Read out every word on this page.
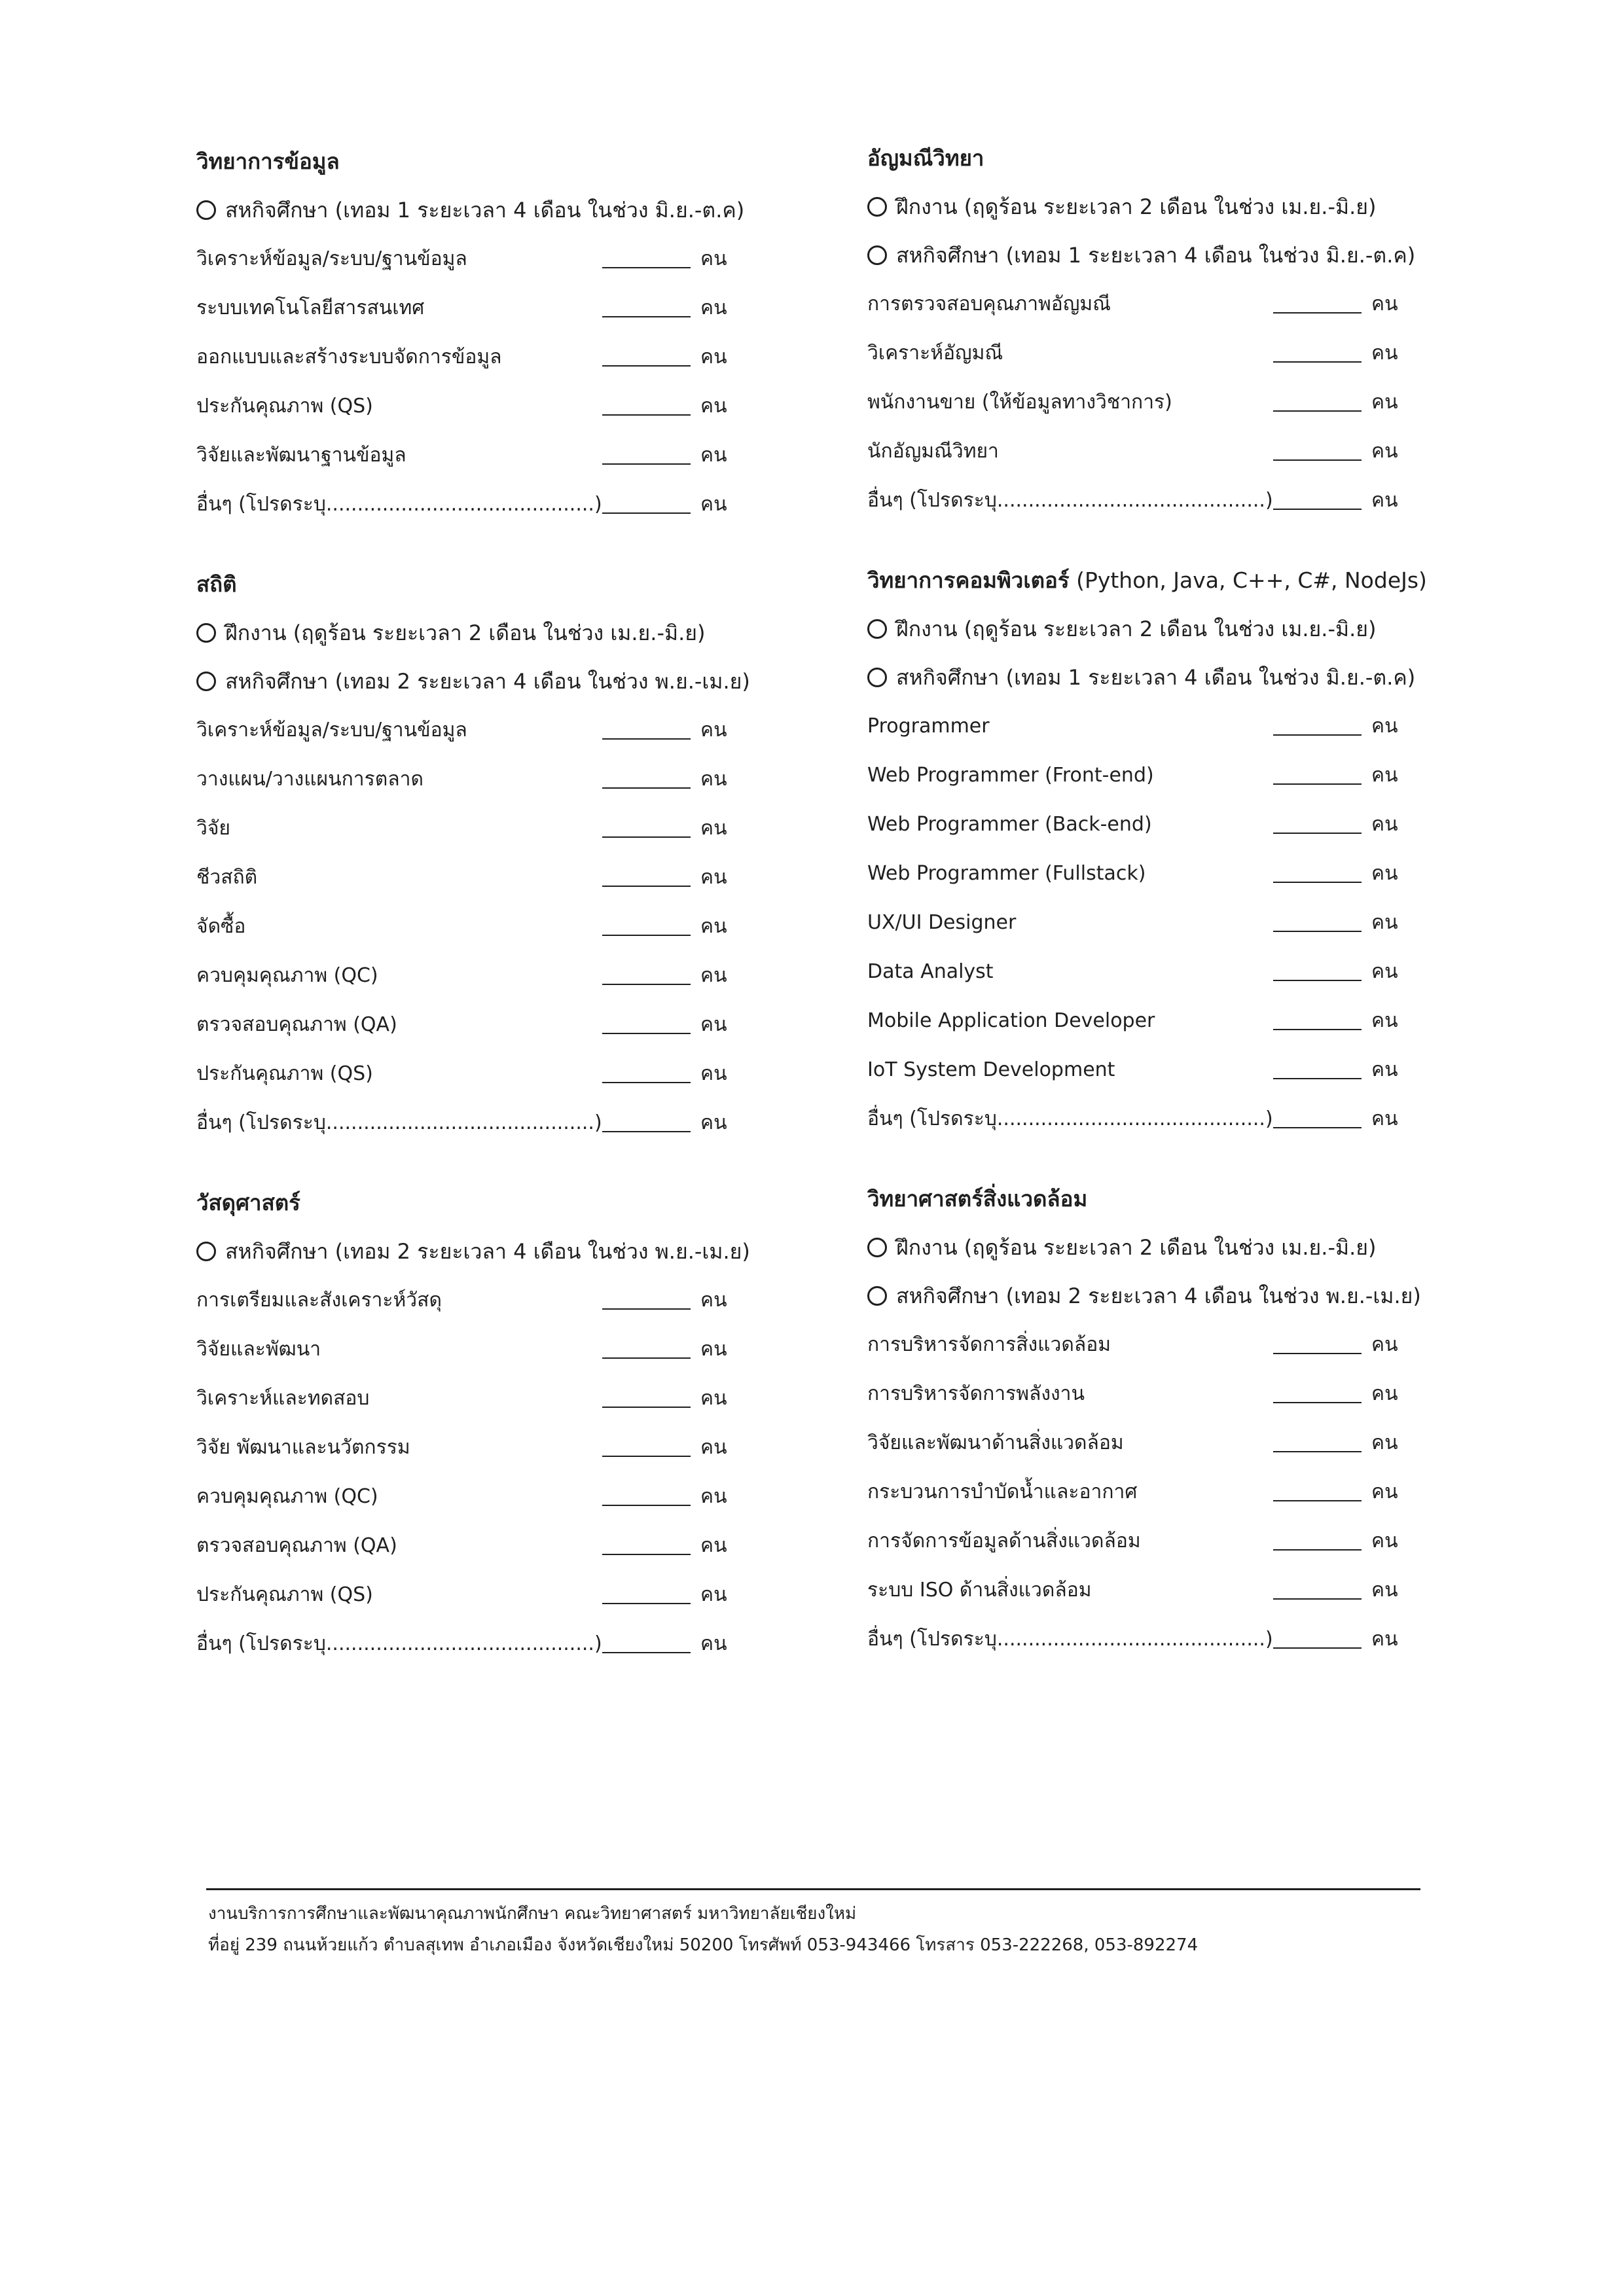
วิทยาการข้อมูล
สหกิจศึกษา (เทอม 1 ระยะเวลา 4 เดือน ในช่วง มิ.ย.-ต.ค)
วิเคราะห์ข้อมูล/ระบบ/ฐานข้อมูล	คน
ระบบเทคโนโลยีสารสนเทศ	คน
ออกแบบและสร้างระบบจัดการข้อมูล	คน
ประกันคุณภาพ (QS)	คน
วิจัยและพัฒนาฐานข้อมูล	คน
อื่นๆ (โปรดระบุ...........................................)	คน
สถิติ
ฝึกงาน (ฤดูร้อน ระยะเวลา 2 เดือน ในช่วง เม.ย.-มิ.ย)
สหกิจศึกษา (เทอม 2 ระยะเวลา 4 เดือน ในช่วง พ.ย.-เม.ย)
วิเคราะห์ข้อมูล/ระบบ/ฐานข้อมูล	คน
วางแผน/วางแผนการตลาด	คน
วิจัย	คน
ชีวสถิติ	คน
จัดซื้อ	คน
ควบคุมคุณภาพ (QC)	คน
ตรวจสอบคุณภาพ (QA)	คน
ประกันคุณภาพ (QS)	คน
อื่นๆ (โปรดระบุ...........................................)	คน
วัสดุศาสตร์
สหกิจศึกษา (เทอม 2 ระยะเวลา 4 เดือน ในช่วง พ.ย.-เม.ย)
การเตรียมและสังเคราะห์วัสดุ	คน
วิจัยและพัฒนา	คน
วิเคราะห์และทดสอบ	คน
วิจัย พัฒนาและนวัตกรรม	คน
ควบคุมคุณภาพ (QC)	คน
ตรวจสอบคุณภาพ (QA)	คน
ประกันคุณภาพ (QS)	คน
อื่นๆ (โปรดระบุ...........................................)	คน
อัญมณีวิทยา
ฝึกงาน (ฤดูร้อน ระยะเวลา 2 เดือน ในช่วง เม.ย.-มิ.ย)
สหกิจศึกษา (เทอม 1 ระยะเวลา 4 เดือน ในช่วง มิ.ย.-ต.ค)
การตรวจสอบคุณภาพอัญมณี	คน
วิเคราะห์อัญมณี	คน
พนักงานขาย (ให้ข้อมูลทางวิชาการ)	คน
นักอัญมณีวิทยา	คน
อื่นๆ (โปรดระบุ...........................................)	คน
วิทยาการคอมพิวเตอร์ (Python, Java, C++, C#, NodeJs)
ฝึกงาน (ฤดูร้อน ระยะเวลา 2 เดือน ในช่วง เม.ย.-มิ.ย)
สหกิจศึกษา (เทอม 1 ระยะเวลา 4 เดือน ในช่วง มิ.ย.-ต.ค)
Programmer	คน
Web Programmer (Front-end)	คน
Web Programmer (Back-end)	คน
Web Programmer (Fullstack)	คน
UX/UI Designer	คน
Data Analyst	คน
Mobile Application Developer	คน
IoT System Development	คน
อื่นๆ (โปรดระบุ...........................................)	คน
วิทยาศาสตร์สิ่งแวดล้อม
ฝึกงาน (ฤดูร้อน ระยะเวลา 2 เดือน ในช่วง เม.ย.-มิ.ย)
สหกิจศึกษา (เทอม 2 ระยะเวลา 4 เดือน ในช่วง พ.ย.-เม.ย)
การบริหารจัดการสิ่งแวดล้อม	คน
การบริหารจัดการพลังงาน	คน
วิจัยและพัฒนาด้านสิ่งแวดล้อม	คน
กระบวนการบำบัดน้ำและอากาศ	คน
การจัดการข้อมูลด้านสิ่งแวดล้อม	คน
ระบบ ISO ด้านสิ่งแวดล้อม	คน
อื่นๆ (โปรดระบุ...........................................)	คน
งานบริการการศึกษาและพัฒนาคุณภาพนักศึกษา คณะวิทยาศาสตร์ มหาวิทยาลัยเชียงใหม่
ที่อยู่ 239 ถนนห้วยแก้ว ตำบลสุเทพ อำเภอเมือง จังหวัดเชียงใหม่ 50200 โทรศัพท์ 053-943466 โทรสาร 053-222268, 053-892274
